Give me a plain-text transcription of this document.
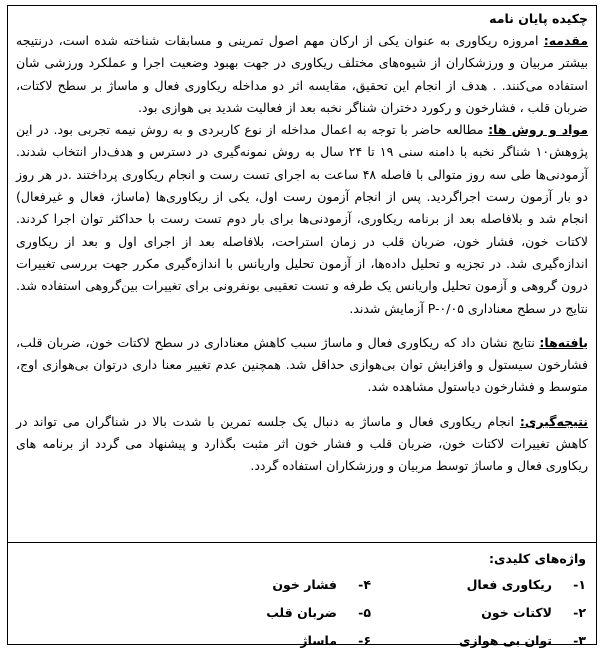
چکیده پایان نامه

مقدمه: امروزه ریکاوری به عنوان یکی از ارکان مهم اصول تمرینی و مسابقات شناخته شده است، درنتیجه بیشتر مربیان و ورزشکاران از شیوه‌های مختلف ریکاوری در جهت بهبود وضعیت اجرا و عملکرد ورزشی شان استفاده می‌کنند. . هدف از انجام این تحقیق، مقایسه اثر دو مداخله ریکاوری فعال و ماساژ بر سطح لاکتات، ضربان قلب ، فشارخون و رکورد دختران شناگر نخبه بعد از فعالیت شدید بی هوازی بود.

مواد و روش ها: مطالعه حاضر با توجه به اعمال مداخله از نوع کاربردی و به روش نیمه تجربی بود. در این پژوهش۱۰ شناگر نخبه با دامنه سنی ۱۹ تا ۲۴ سال به روش نمونه‌گیری در دسترس و هدف‌دار انتخاب شدند. آزمودنی‌ها طی سه روز متوالی با فاصله ۴۸ ساعت به اجرای تست رست و انجام ریکاوری پرداختند .در هر روز دو بار آزمون رست اجراگردید. پس از انجام آزمون رست اول، یکی از ریکاوری‌ها (ماساژ، فعال و غیرفعال) انجام شد و بلافاصله بعد از برنامه ریکاوری، آزمودنی‌ها برای بار دوم تست رست با حداکثر توان اجرا کردند. لاکتات خون، فشار خون، ضربان قلب در زمان استراحت، بلافاصله بعد از اجرای اول و بعد از ریکاوری اندازه‌گیری شد. در تجزیه و تحلیل داده‌ها، از آزمون تحلیل واریانس با اندازه‌گیری مکرر جهت بررسی تغییرات درون گروهی و آزمون تحلیل واریانس یک طرفه و تست تعقیبی بونفرونی برای تغییرات بین‌گروهی استفاده شد. نتایج در سطح معناداری P-۰/۰۵ آزمایش شدند.

یافته‌ها: نتایج نشان داد که ریکاوری فعال و ماساژ سبب کاهش معناداری در سطح لاکتات خون، ضربان قلب، فشارخون سیستول و وافزایش توان بی‌هوازی حداقل شد. همچنین عدم تغییر معنا داری درتوان بی‌هوازی اوج، متوسط و فشارخون دیاستول مشاهده شد.

نتیجه‌گیری: انجام ریکاوری فعال و ماساژ به دنبال یک جلسه تمرین با شدت بالا در شناگران می تواند در کاهش تغییرات لاکتات خون، ضربان قلب و فشار خون اثر مثبت بگذارد و پیشنهاد می گردد از برنامه های ریکاوری فعال و ماساژ توسط مربیان و ورزشکاران استفاده گردد.

واژه‌های کلیدی:
۱-ریکاوری فعال
۴-فشار خون
۲-لاکتات خون
۵-ضربان قلب
۳-توان بی هوازی
۶-ماساژ
